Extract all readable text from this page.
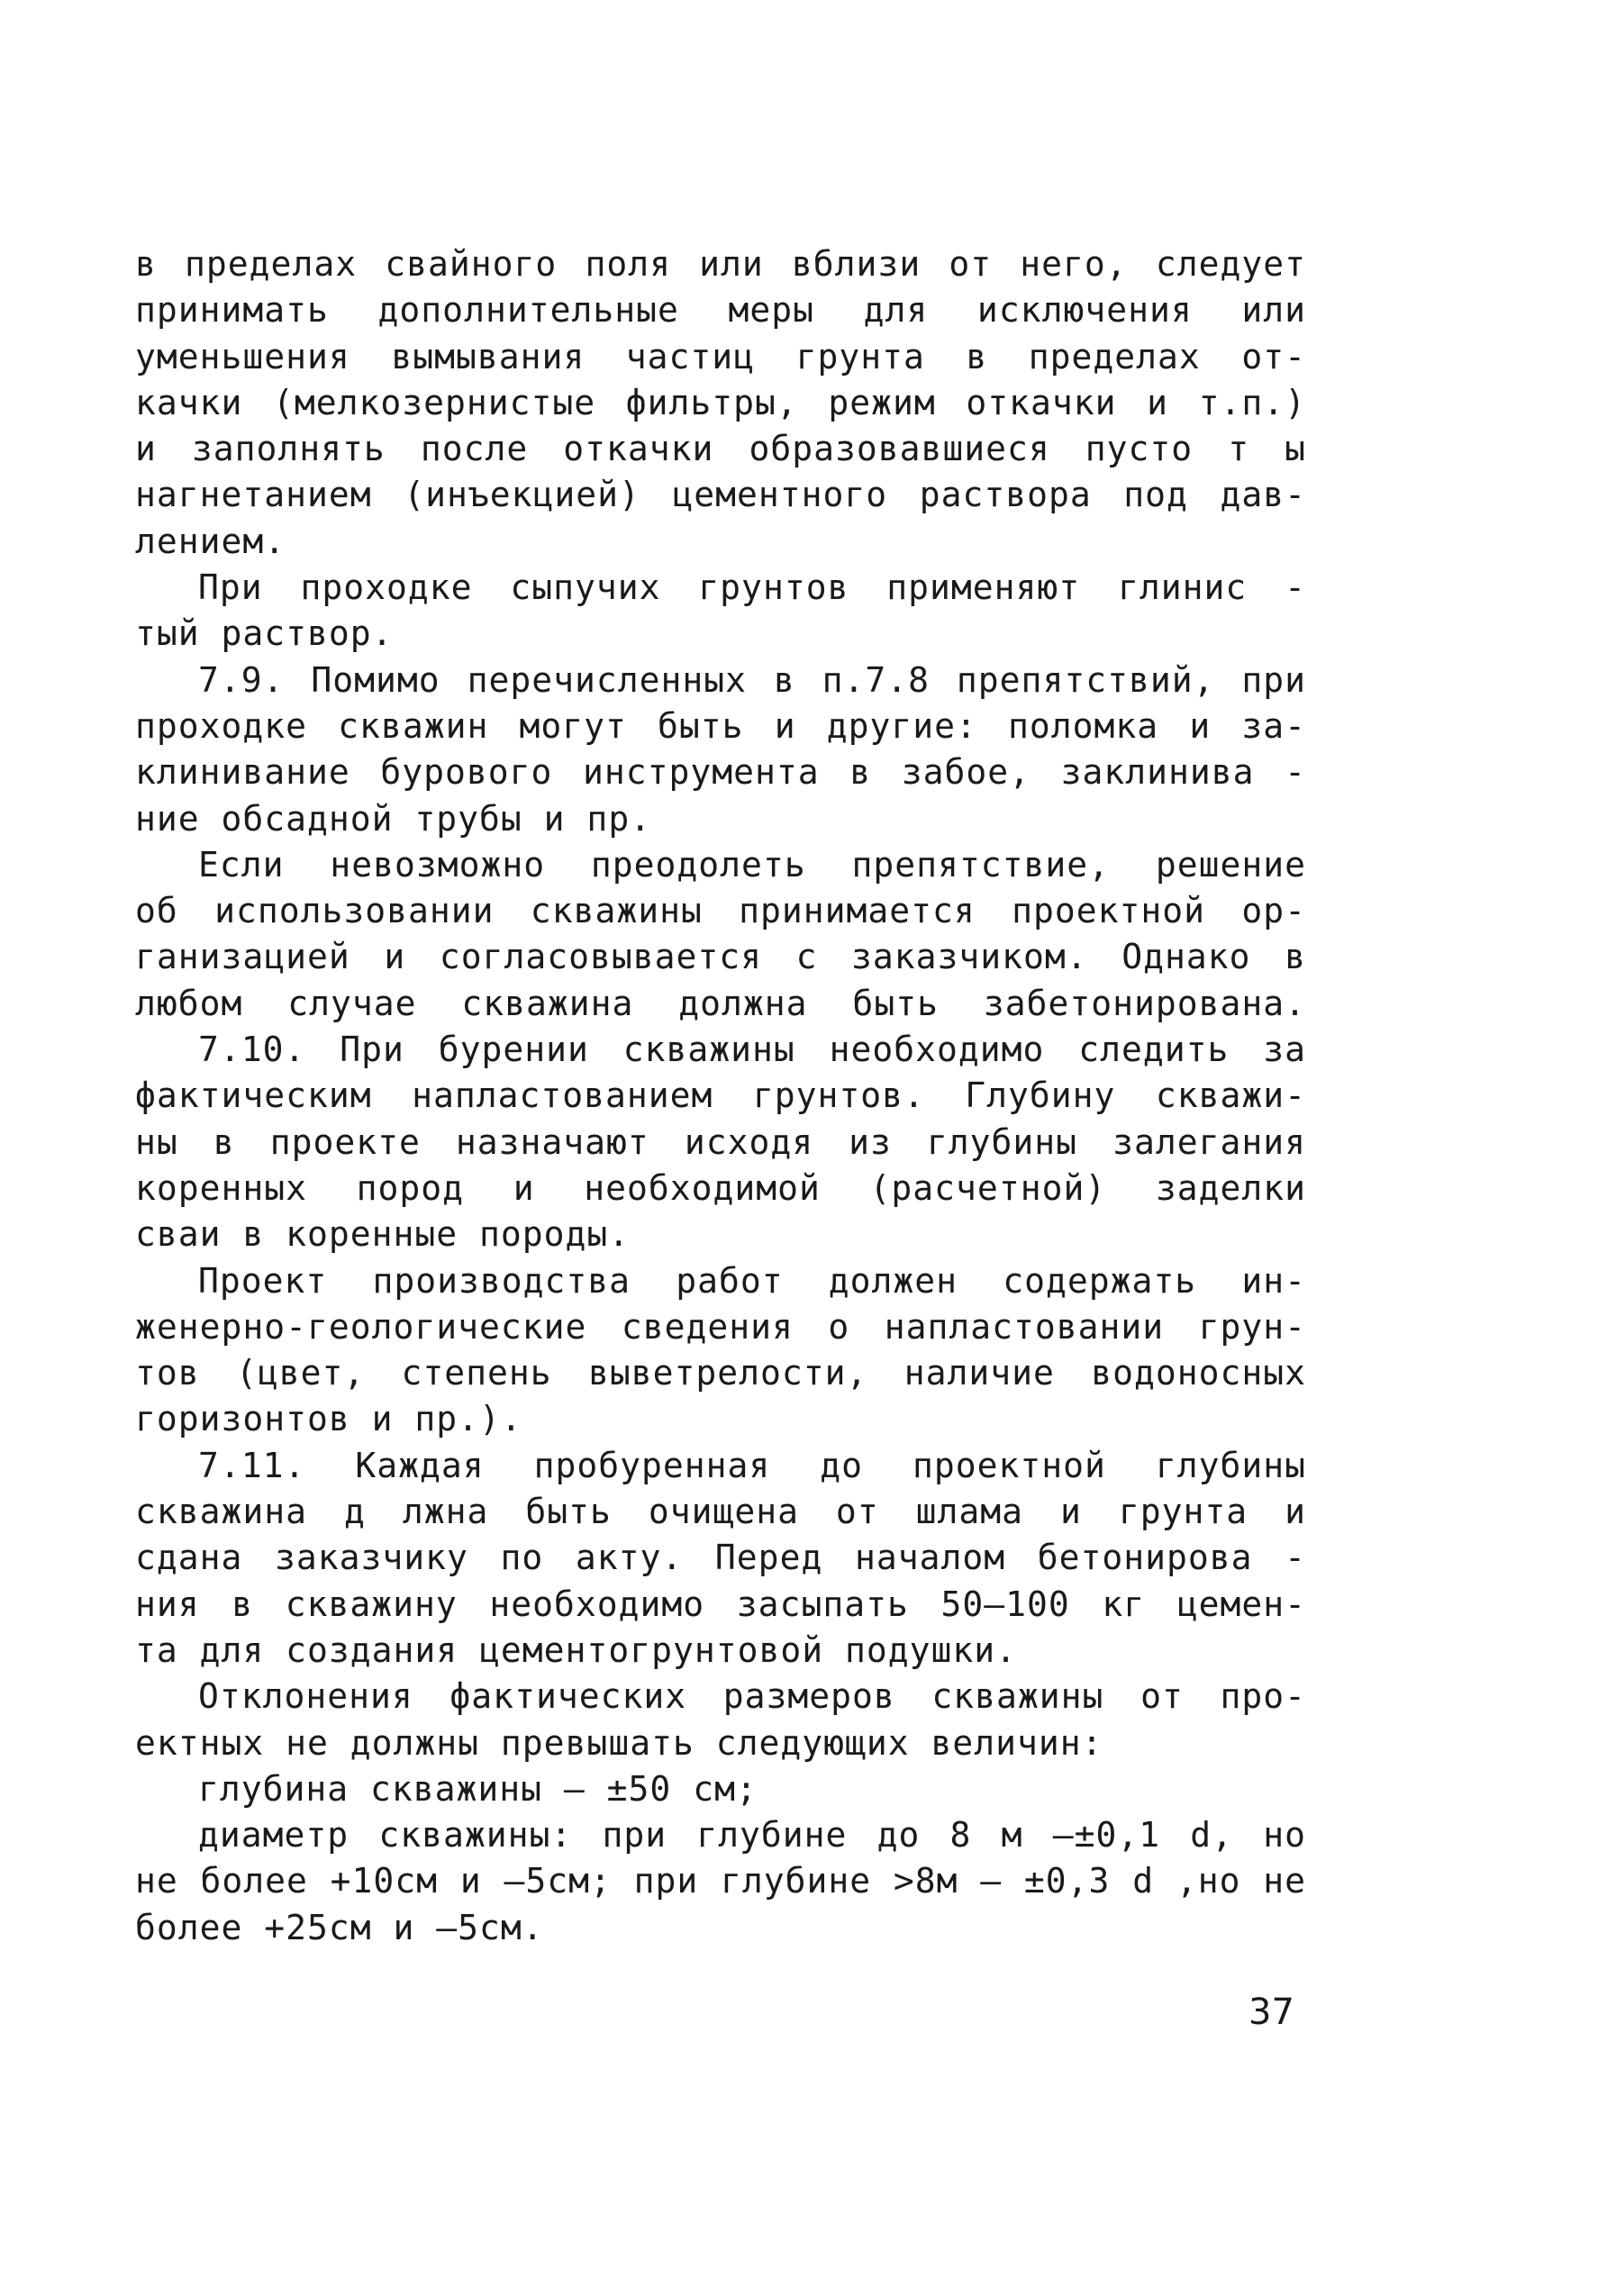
в пределах свайного поля или вблизи от него, следует
принимать дополнительные меры для исключения или
уменьшения вымывания частиц грунта в пределах от-
качки (мелкозернистые фильтры, режим откачки и т.п.)
и заполнять после откачки образовавшиеся пусто т ы
нагнетанием (инъекцией) цементного раствора под дав-
лением.
При проходке сыпучих грунтов применяют глинис -
тый раствор.
7.9. Помимо перечисленных в п.7.8 препятствий, при
проходке скважин могут быть и другие: поломка и за-
клинивание бурового инструмента в забое, заклинива -
ние обсадной трубы и пр.
Если невозможно преодолеть препятствие, решение
об использовании скважины принимается проектной ор-
ганизацией и согласовывается с заказчиком. Однако в
любом случае скважина должна быть забетонирована.
7.10. При бурении скважины необходимо следить за
фактическим напластованием грунтов. Глубину скважи-
ны в проекте назначают исходя из глубины залегания
коренных пород и необходимой (расчетной) заделки
сваи в коренные породы.
Проект производства работ должен содержать ин-
женерно-геологические сведения о напластовании грун-
тов (цвет, степень выветрелости, наличие водоносных
горизонтов и пр.).
7.11. Каждая пробуренная до проектной глубины
скважина д лжна быть очищена от шлама и грунта и
сдана заказчику по акту. Перед началом бетонирова -
ния в скважину необходимо засыпать 50–100 кг цемен-
та для создания цементогрунтовой подушки.
Отклонения фактических размеров скважины от про-
ектных не должны превышать следующих величин:
глубина скважины – ±50 см;
диаметр скважины: при глубине до 8 м –±0,1 d, но
не более +10см и –5см; при глубине >8м – ±0,3 d ,но не
более +25см и –5см.
37
